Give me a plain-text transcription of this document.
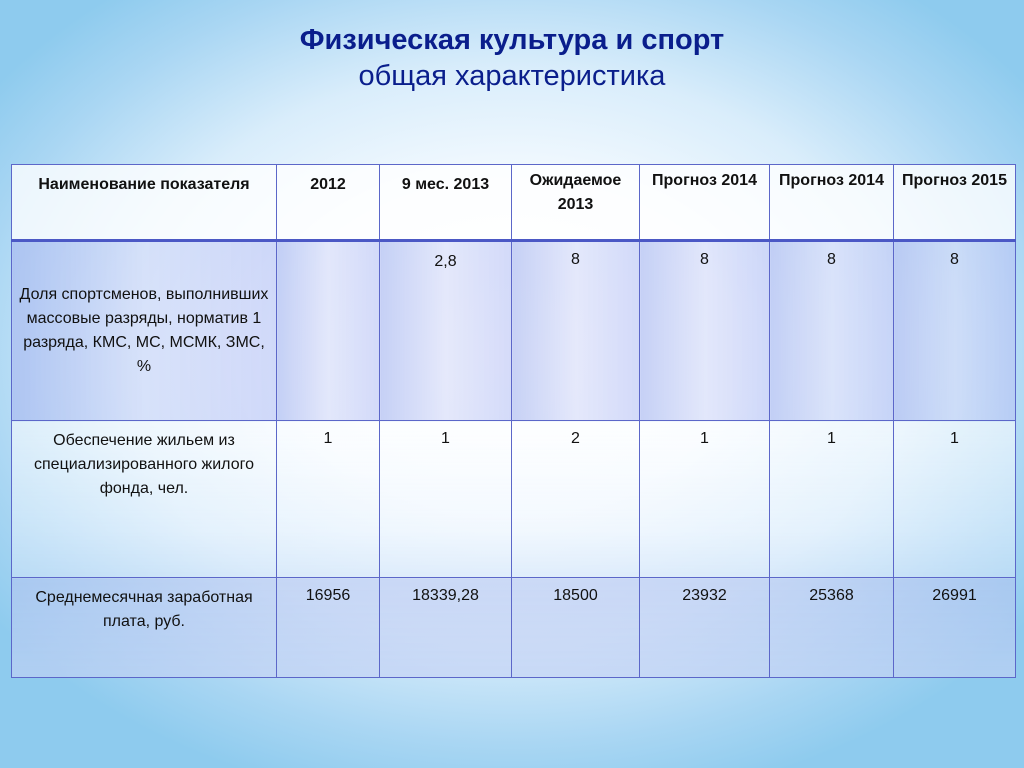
Физическая культура и спорт
общая характеристика
Наименование показателя	2012	9 мес. 2013	Ожидаемое 2013	Прогноз 2014	Прогноз 2014	Прогноз 2015
Доля спортсменов, выполнивших массовые разряды, норматив 1 разряда, КМС, МС, МСМК, ЗМС, %		2,8	8	8	8	8
Обеспечение жильем из специализированного жилого фонда, чел.	1	1	2	1	1	1
Среднемесячная заработная плата, руб.	16956	18339,28	18500	23932	25368	26991
